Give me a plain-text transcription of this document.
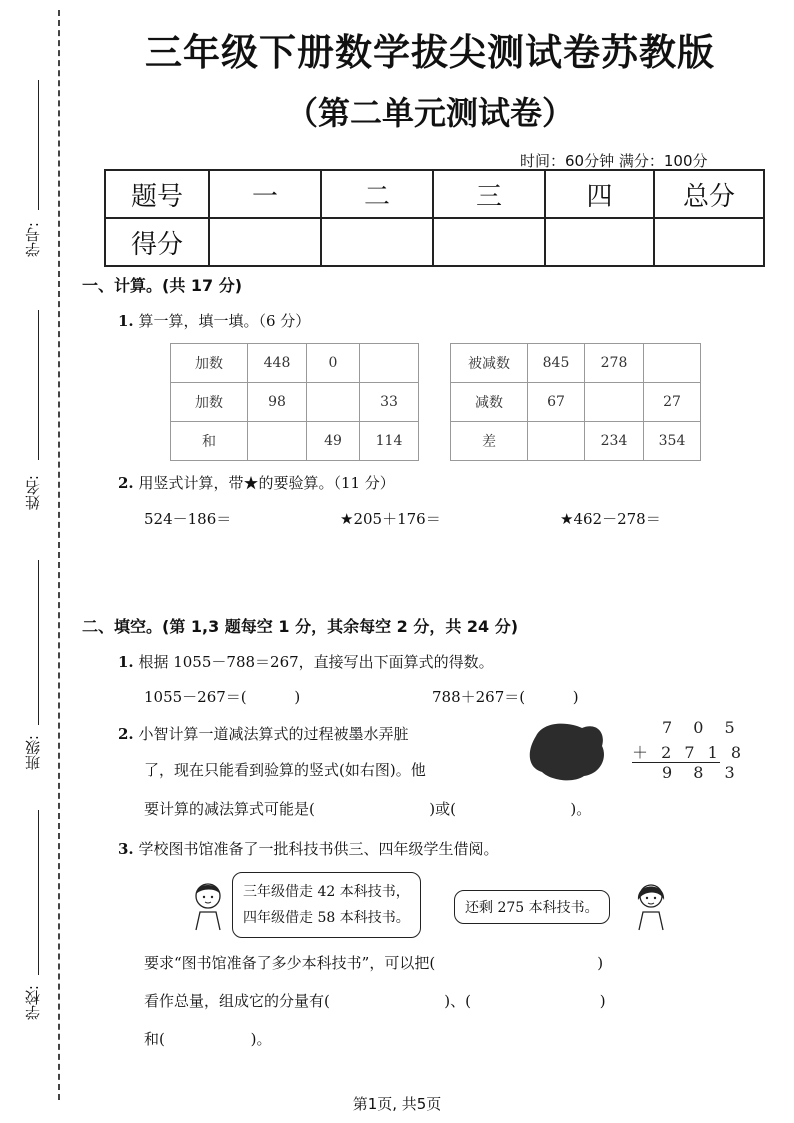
学号:
姓名:
班级:
学校:
三年级下册数学拔尖测试卷苏教版
（第二单元测试卷）
时间：60分钟 满分：100分
题号	一	二	三	四	总分
得分					
一、计算。(共 17 分)
1. 算一算，填一填。（6 分）
加数	448	0	
加数	98		33
和		49	114
被减数	845	278	
减数	67		27
差		234	354
2. 用竖式计算，带★的要验算。（11 分）
524－186＝	★205＋176＝	★462－278＝
二、填空。(第 1,3 题每空 1 分，其余每空 2 分，共 24 分)
1. 根据 1055－788＝267，直接写出下面算式的得数。
1055－267＝(          )	788＋267＝(          )
2. 小智计算一道减法算式的过程被墨水弄脏
了，现在只能看到验算的竖式(如右图)。他
要计算的减法算式可能是(                        )或(                        )。
7 0 5
＋ 2 7 1 8
9 8 3
3. 学校图书馆准备了一批科技书供三、四年级学生借阅。
三年级借走 42 本科技书，
四年级借走 58 本科技书。
还剩 275 本科技书。
要求“图书馆准备了多少本科技书”，可以把(                                  )
看作总量，组成它的分量有(                        )、(                           )
和(                  )。
第1页, 共5页
